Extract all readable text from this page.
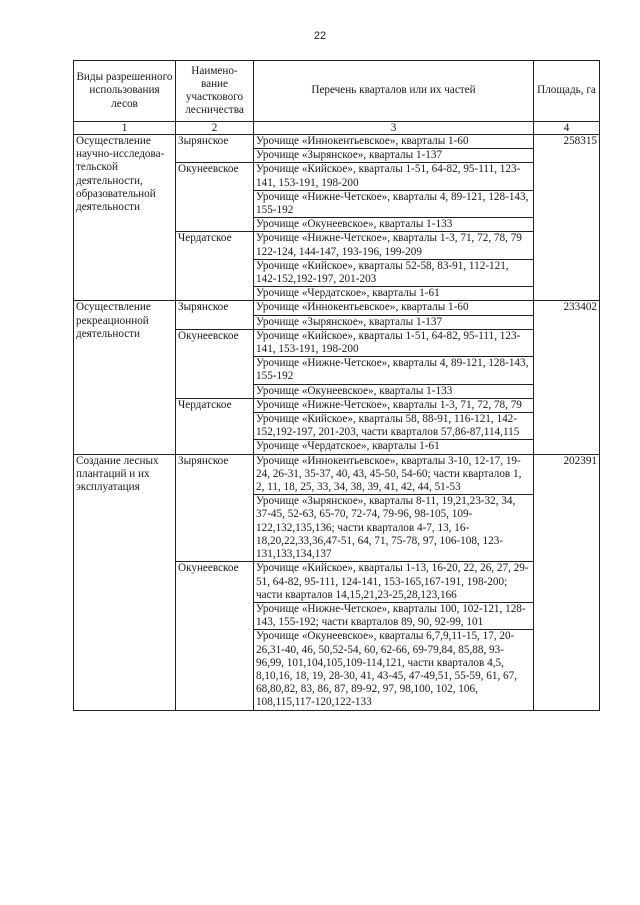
22
Виды разрешенного использования лесов	Наимено-вание участкового лесничества	Перечень кварталов или их частей	Площадь, га
1	2	3	4
Осуществление научно-исследова-тельской деятельности, образовательной деятельности	Зырянское	Урочище «Иннокентьевское», кварталы 1-60	258315
		Урочище «Зырянское», кварталы 1-137	
	Окунеевское	Урочище «Кийское», кварталы 1-51, 64-82, 95-111, 123-141, 153-191, 198-200	
		Урочище «Нижне-Четское», кварталы 4, 89-121, 128-143, 155-192	
		Урочище «Окунеевское», кварталы 1-133	
	Чердатское	Урочище «Нижне-Четское», кварталы 1-3, 71, 72, 78, 79 122-124, 144-147, 193-196, 199-209	
		Урочище «Кийское», кварталы 52-58, 83-91, 112-121, 142-152,192-197, 201-203	
		Урочище «Чердатское», кварталы 1-61	
Осуществление рекреационной деятельности	Зырянское	Урочище «Иннокентьевское», кварталы 1-60	233402
		Урочище «Зырянское», кварталы 1-137	
	Окунеевское	Урочище «Кийское», кварталы 1-51, 64-82, 95-111, 123-141, 153-191, 198-200	
		Урочище «Нижне-Четское», кварталы 4, 89-121, 128-143, 155-192	
		Урочище «Окунеевское», кварталы 1-133	
	Чердатское	Урочище «Нижне-Четское», кварталы 1-3, 71, 72, 78, 79	
		Урочище «Кийское», кварталы 58, 88-91, 116-121, 142-152,192-197, 201-203, части кварталов 57,86-87,114,115	
		Урочище «Чердатское», кварталы 1-61	
Создание лесных плантаций и их эксплуатация	Зырянское	Урочище «Иннокентьевское», кварталы 3-10, 12-17, 19-24, 26-31, 35-37, 40, 43, 45-50, 54-60; части кварталов 1, 2, 11, 18, 25, 33, 34, 38, 39, 41, 42, 44, 51-53	202391
		Урочище «Зырянское», кварталы 8-11, 19,21,23-32, 34, 37-45, 52-63, 65-70, 72-74, 79-96, 98-105, 109-122,132,135,136; части кварталов 4-7, 13, 16-18,20,22,33,36,47-51, 64, 71, 75-78, 97, 106-108, 123-131,133,134,137	
	Окунеевское	Урочище «Кийское», кварталы 1-13, 16-20, 22, 26, 27, 29-51, 64-82, 95-111, 124-141, 153-165,167-191, 198-200; части кварталов 14,15,21,23-25,28,123,166	
		Урочище «Нижне-Четское», кварталы 100, 102-121, 128-143, 155-192; части кварталов 89, 90, 92-99, 101	
		Урочище «Окунеевское», кварталы 6,7,9,11-15, 17, 20-26,31-40, 46, 50,52-54, 60, 62-66, 69-79,84, 85,88, 93-96,99, 101,104,105,109-114,121, части кварталов 4,5, 8,10,16, 18, 19, 28-30, 41, 43-45, 47-49,51, 55-59, 61, 67, 68,80,82, 83, 86, 87, 89-92, 97, 98,100, 102, 106, 108,115,117-120,122-133	
